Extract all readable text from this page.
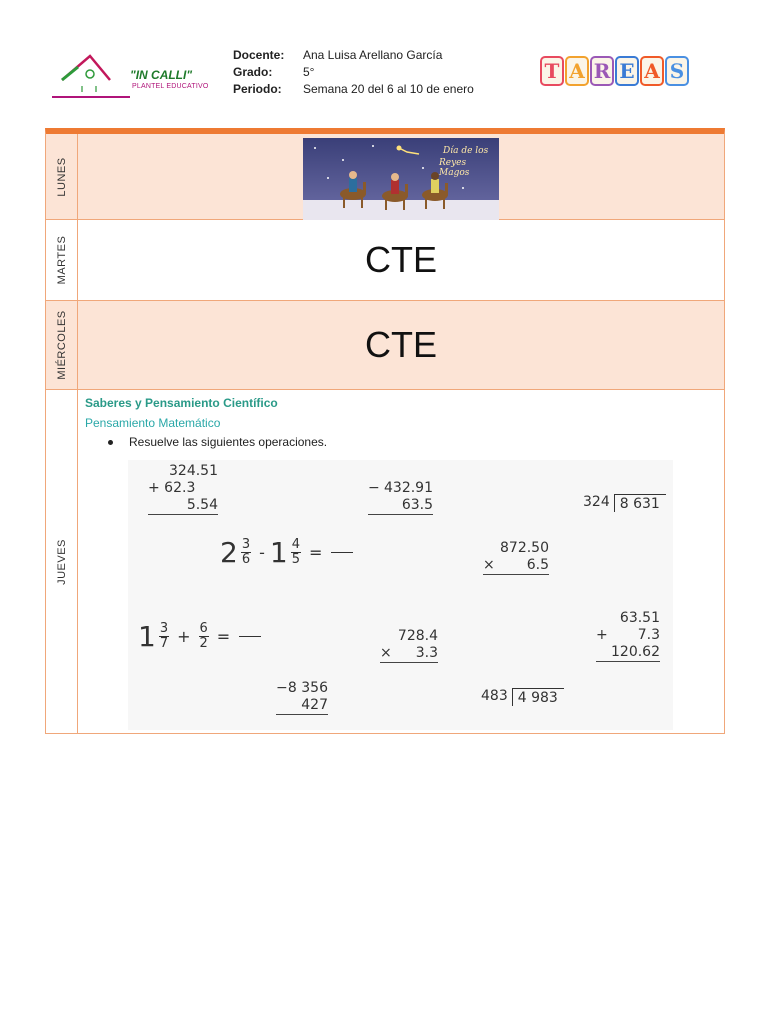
"IN CALLI"
PLANTEL EDUCATIVO
Docente:	Ana Luisa Arellano García
Grado:	5°
Periodo:	Semana 20 del 6 al 10 de enero
T A R E A S
LUNES
Día de los
Reyes Magos
MARTES	CTE
MIÉRCOLES	CTE
JUEVES
Saberes y Pensamiento Científico
Pensamiento Matemático
Resuelve las siguientes operaciones.
324.51
+ 62.3
5.54
− 432.91
63.5	324 8 631
2 3
$6 - 1 \frac{4}{5}$ =	872.50
× 6.5
1 3
$7 + \frac{6}{2}$ =	728.4
× 3.3
63.51
+ 7.3
120.62
− 8 356
427
483 4 983
